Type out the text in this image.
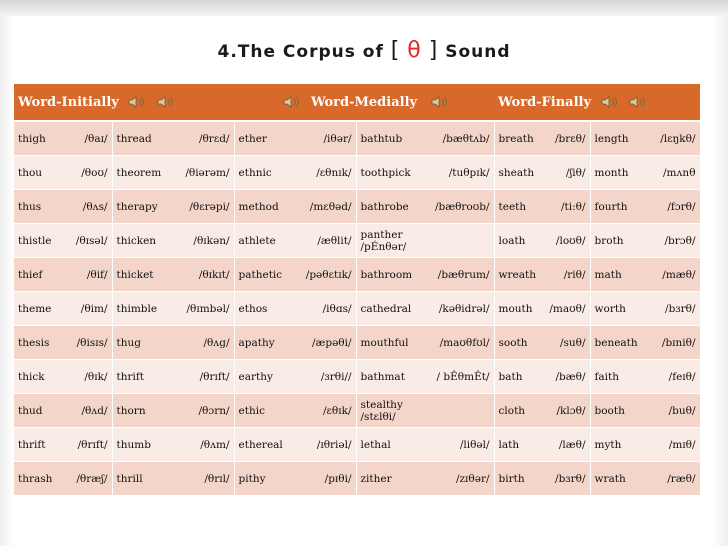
4.The Corpus of [ θ ] Sound
Word-Initially		Word-Medially		Word-Finally	

thigh /θaɪ/	thread /θrɛd/	ether /iθər/	bathtub /bæθtʌb/	breath /brɛθ/	length /lɛŋkθ/

thou /θoʊ/	theorem /θiərəm/	ethnic /ɛθnɪk/	toothpick /tuθpɪk/	sheath /ʃiθ/	month /mʌnθ

thus /θʌs/	therapy /θɛrəpi/	method /mɛθəd/	bathrobe /bæθroʊb/	teeth /ti:θ/	fourth /fɔrθ/

thistle /θɪsəl/	thicken /θɪkən/	athlete /æθlit/	panther
/pÉnθər/	loath /loʊθ/	broth /brɔθ/

thief /θif/	thicket /θɪkɪt/	pathetic /pəθɛtɪk/	bathroom /bæθrum/	wreath /riθ/	math /mæθ/

theme /θim/	thimble /θɪmbəl/	ethos /iθɑs/	cathedral /kəθidrəl/	mouth /maʊθ/	worth /bɜrθ/

thesis /θisɪs/	thug /θʌg/	apathy /æpəθi/	mouthful /maʊθfʊl/	sooth /suθ/	beneath /bɪniθ/

thick /θɪk/	thrift /θrɪft/	earthy /ɜrθi//	bathmat / bÊθmÊt/	bath /bæθ/	faith /feɪθ/

thud /θʌd/	thorn /θɔrn/	ethic /ɛθɪk/	stealthy
/stɛlθi/	cloth /klɔθ/	booth /buθ/

thrift /θrɪft/	thumb /θʌm/	ethereal /ɪθriəl/	lethal /liθəl/	lath /læθ/	myth /mɪθ/

thrash /θræʃ/	thrill /θrɪl/	pithy /pɪθi/	zither /zɪθər/	birth /bɜrθ/	wrath /ræθ/
